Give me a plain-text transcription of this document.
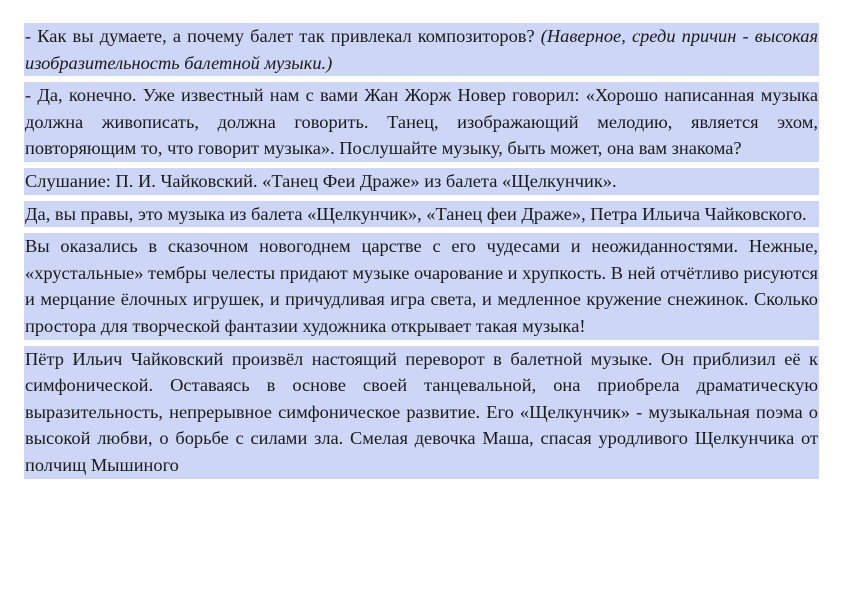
- Как вы думаете, а почему балет так привлекал композиторов? (Наверное, среди причин - высокая изобразительность балетной музыки.)

- Да, конечно. Уже известный нам с вами Жан Жорж Новер говорил: «Хорошо написанная музыка должна живописать, должна говорить. Танец, изображающий мелодию, является эхом, повторяющим то, что говорит музыка». Послушайте музыку, быть может, она вам знакома?

Слушание: П. И. Чайковский. «Танец Феи Драже» из балета «Щелкунчик».

Да, вы правы, это музыка из балета «Щелкунчик», «Танец феи Драже», Петра Ильича Чайковского.

Вы оказались в сказочном новогоднем царстве с его чудесами и неожиданностями. Нежные, «хрустальные» тембры челесты придают музыке очарование и хрупкость. В ней отчётливо рисуются и мерцание ёлочных игрушек, и причудливая игра света, и медленное кружение снежинок. Сколько простора для творческой фантазии художника открывает такая музыка!

Пётр Ильич Чайковский произвёл настоящий переворот в балетной музыке. Он приблизил её к симфонической. Оставаясь в основе своей танцевальной, она приобрела драматическую выразительность, непрерывное симфоническое развитие. Его «Щелкунчик» - музыкальная поэма о высокой любви, о борьбе с силами зла. Смелая девочка Маша, спасая уродливого Щелкунчика от полчищ Мышиного
